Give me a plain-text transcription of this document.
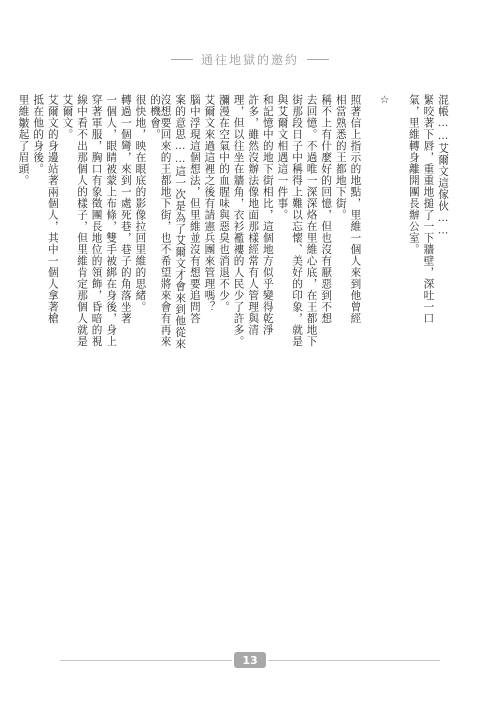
通往地獄的邀約
混帳……艾爾文這傢伙……
緊咬著下唇，重重地搥了一下牆壁，深吐一口
氣，里維轉身離開團長辦公室。
☆
照著信上指示的地點，里維一個人來到他曾經
相當熟悉的王都地下街。
稱不上有什麼好的回憶，但也沒有厭惡到不想
去回憶。不過唯一深深烙在里維心底，在王都地下
街那段日子中稱得上難以忘懷、美好的印象，就是
與艾爾文相遇這一件事。
和記憶中的地下街相比，這個地方似乎變得乾淨
許多，雖然沒辦法像地面那樣經常有人管理與清
理，但以往坐在牆角，衣衫襤褸的人民少了許多。
瀰漫在空氣中的血腥味與惡臭也消退不少。
艾爾文來過這裡之後有請憲兵團來管理嗎？
腦中浮現這個想法，但里維並沒有想要追問答
案的意思……這一次是為了艾爾文才會來到他從來
沒想要回來的王都地下街，也不希望將來會有再來
的機會。
很快地，映在眼底的影像拉回里維的思緒。
轉過一個彎，來到一處死巷，巷子的角落坐著
一個人，眼睛被蒙上布條，雙手被綁在身後，身上
穿著軍服，胸口有象徵團長地位的領飾，昏暗的視
線中看不出那個人的樣子，但里維肯定那個人就是
艾爾文。
艾爾文的身邊站著兩個人，其中一個人拿著槍
抵在他的身後。
里維皺起了眉頭。
13
